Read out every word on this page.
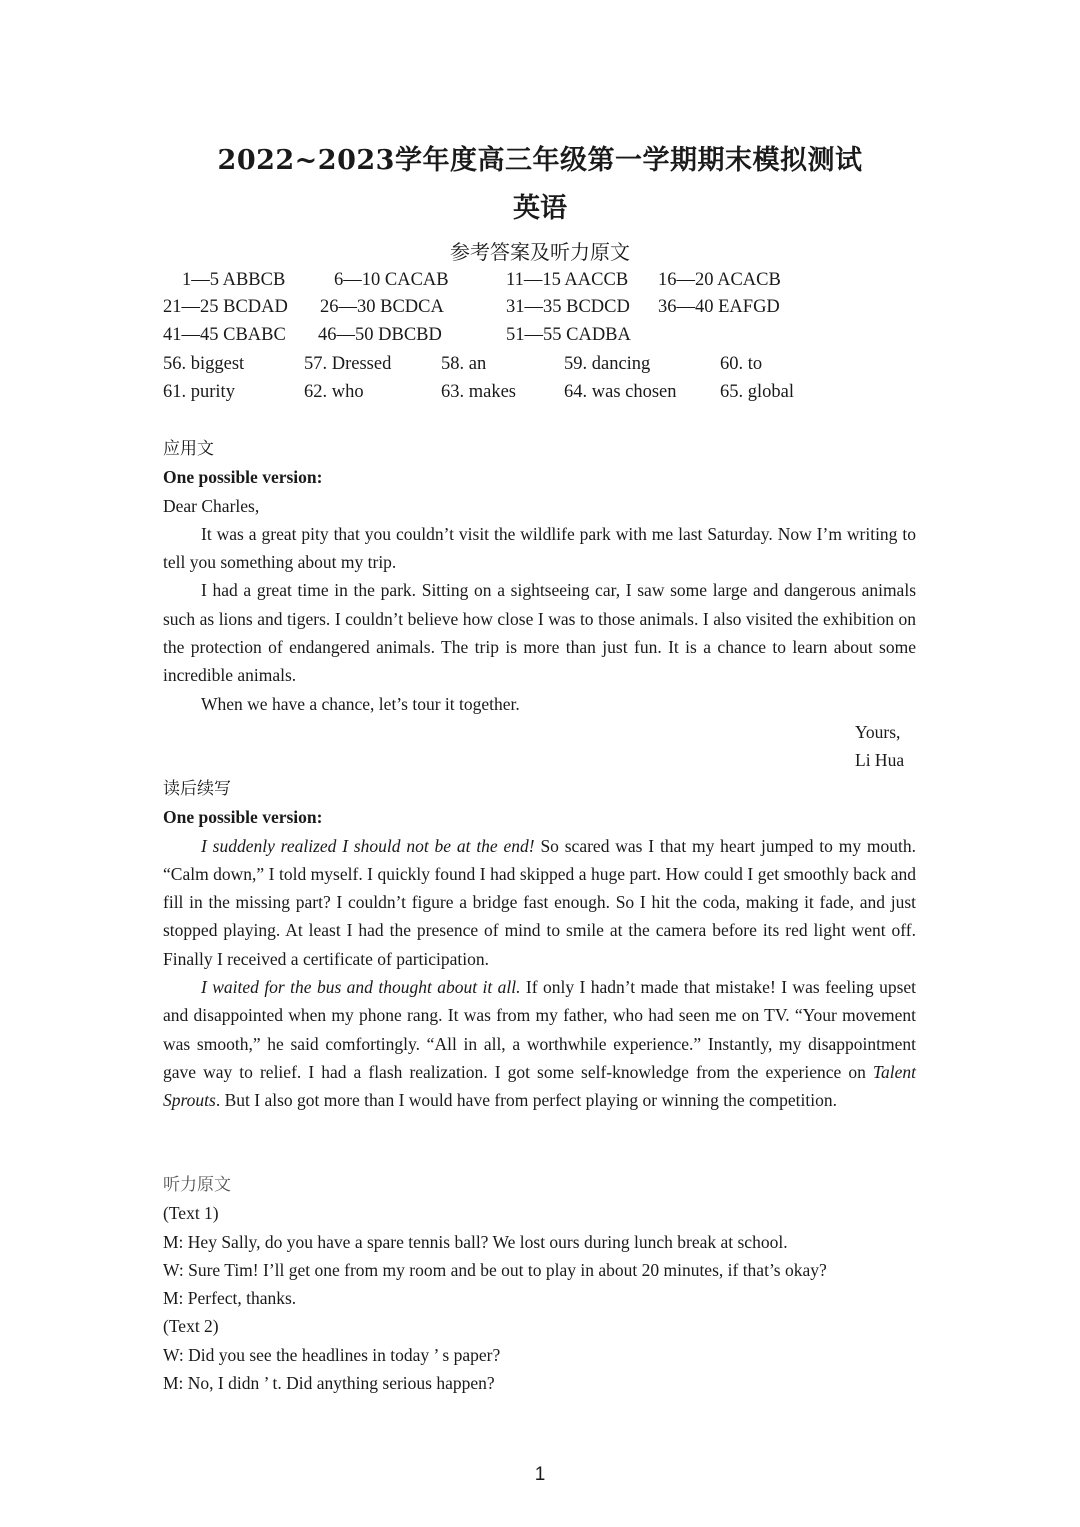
2022~2023学年度高三年级第一学期期末模拟测试
英语
参考答案及听力原文
1—5 ABBCB	6—10 CACAB	11—15 AACCB 16—20 ACACB
21—25 BCDAD 26—30 BCDCA	31—35 BCDCD 36—40 EAFGD
41—45 CBABC 46—50 DBCBD	51—55 CADBA
56. biggest	57. Dressed	58. an	59. dancing	60. to
61. purity	62. who	63. makes	64. was chosen 65. global

应用文

One possible version:

Dear Charles,

It was a great pity that you couldn’t visit the wildlife park with me last Saturday. Now I’m writing to tell you something about my trip.

I had a great time in the park. Sitting on a sightseeing car, I saw some large and dangerous animals such as lions and tigers. I couldn’t believe how close I was to those animals. I also visited the exhibition on the protection of endangered animals. The trip is more than just fun. It is a chance to learn about some incredible animals.

When we have a chance, let’s tour it together.

Yours,

Li Hua

读后续写

One possible version:

I suddenly realized I should not be at the end! So scared was I that my heart jumped to my mouth. “Calm down,” I told myself. I quickly found I had skipped a huge part. How could I get smoothly back and fill in the missing part? I couldn’t figure a bridge fast enough. So I hit the coda, making it fade, and just stopped playing. At least I had the presence of mind to smile at the camera before its red light went off. Finally I received a certificate of participation.

I waited for the bus and thought about it all. If only I hadn’t made that mistake! I was feeling upset and disappointed when my phone rang. It was from my father, who had seen me on TV. “Your movement was smooth,” he said comfortingly. “All in all, a worthwhile experience.” Instantly, my disappointment gave way to relief. I had a flash realization. I got some self-knowledge from the experience on Talent Sprouts. But I also got more than I would have from perfect playing or winning the competition.

听力原文

(Text 1)

M: Hey Sally, do you have a spare tennis ball? We lost ours during lunch break at school.

W: Sure Tim! I’ll get one from my room and be out to play in about 20 minutes, if that’s okay?

M: Perfect, thanks.

(Text 2)

W: Did you see the headlines in today ’ s paper?

M: No, I didn ’ t. Did anything serious happen?

1
